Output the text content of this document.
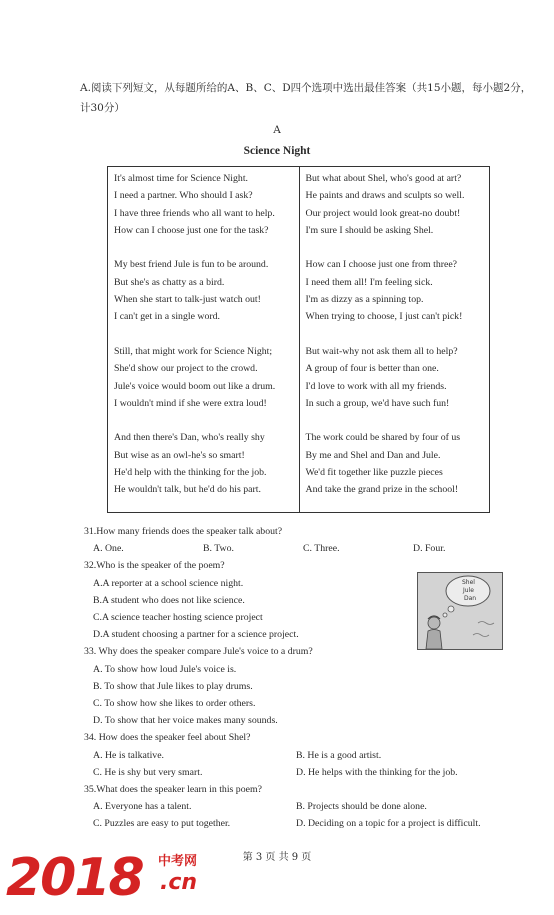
A.阅读下列短文，从每题所给的A、B、C、D四个选项中选出最佳答案（共15小题，每小题2分，计30分）
A
Science Night
It's almost time for Science Night.
I need a partner. Who should I ask?
I have three friends who all want to help.
How can I choose just one for the task?
My best friend Jule is fun to be around.
But she's as chatty as a bird.
When she start to talk-just watch out!
I can't get in a single word.
Still, that might work for Science Night;
She'd show our project to the crowd.
Jule's voice would boom out like a drum.
I wouldn't mind if she were extra loud!
And then there's Dan, who's really shy
But wise as an owl-he's so smart!
He'd help with the thinking for the job.
He wouldn't talk, but he'd do his part.
But what about Shel, who's good at art?
He paints and draws and sculpts so well.
Our project would look great-no doubt!
I'm sure I should be asking Shel.
How can I choose just one from three?
I need them all! I'm feeling sick.
I'm as dizzy as a spinning top.
When trying to choose, I just can't pick!
But wait-why not ask them all to help?
A group of four is better than one.
I'd love to work with all my friends.
In such a group, we'd have such fun!
The work could be shared by four of us
By me and Shel and Dan and Jule.
We'd fit together like puzzle pieces
And take the grand prize in the school!
31.How many friends does the speaker talk about?
A. One.	B. Two.	C. Three.	D. Four.
32.Who is the speaker of the poem?
A.A reporter at a school science night.
B.A student who does not like science.
C.A science teacher hosting science project
D.A student choosing a partner for a science project.
33. Why does the speaker compare Jule's voice to a drum?
A. To show how loud Jule's voice is.
B. To show that Jule likes to play drums.
C. To show how she likes to order others.
D. To show that her voice makes many sounds.
34. How does the speaker feel about Shel?
A. He is talkative.	B. He is a good artist.
C. He is shy but very smart.	D. He helps with the thinking for the job.
35.What does the speaker learn in this poem?
A. Everyone has a talent.	B. Projects should be done alone.
C. Puzzles are easy to put together.	D. Deciding on a topic for a project is difficult.
Shel
Jule
Dan
第 3 页 共 9 页
2018 中考网
.cn
